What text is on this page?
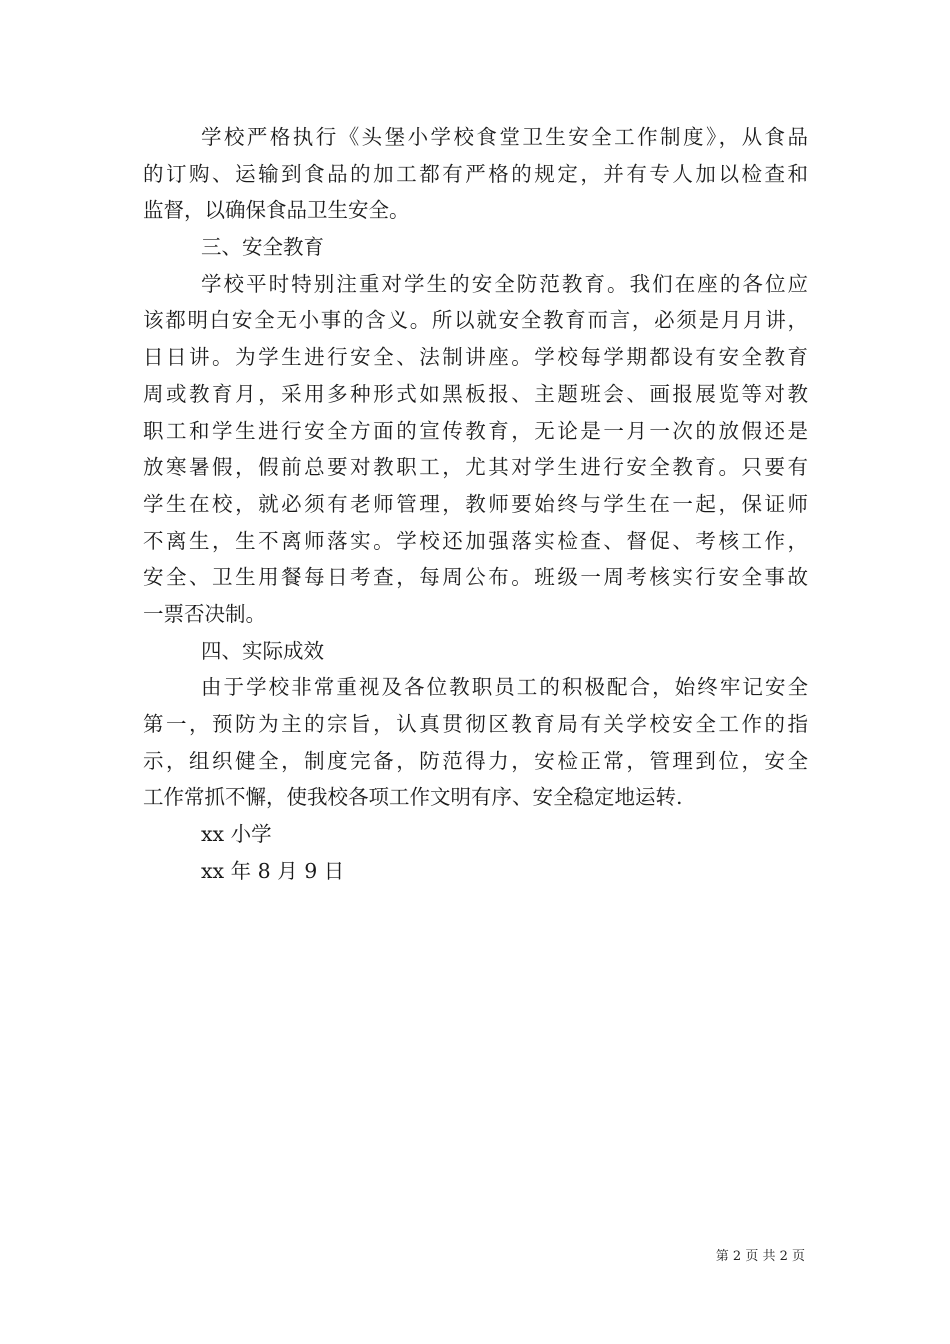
学校严格执行《头堡小学校食堂卫生安全工作制度》，从食品
的订购、运输到食品的加工都有严格的规定，并有专人加以检查和
监督，以确保食品卫生安全。
三、安全教育
学校平时特别注重对学生的安全防范教育。我们在座的各位应
该都明白安全无小事的含义。所以就安全教育而言，必须是月月讲，
日日讲。为学生进行安全、法制讲座。学校每学期都设有安全教育
周或教育月，采用多种形式如黑板报、主题班会、画报展览等对教
职工和学生进行安全方面的宣传教育，无论是一月一次的放假还是
放寒暑假，假前总要对教职工，尤其对学生进行安全教育。只要有
学生在校，就必须有老师管理，教师要始终与学生在一起，保证师
不离生，生不离师落实。学校还加强落实检查、督促、考核工作，
安全、卫生用餐每日考查，每周公布。班级一周考核实行安全事故
一票否决制。
四、实际成效
由于学校非常重视及各位教职员工的积极配合，始终牢记安全
第一，预防为主的宗旨，认真贯彻区教育局有关学校安全工作的指
示，组织健全，制度完备，防范得力，安检正常，管理到位，安全
工作常抓不懈，使我校各项工作文明有序、安全稳定地运转.
xx 小学
xx 年 8 月 9 日
第 2 页 共 2 页
